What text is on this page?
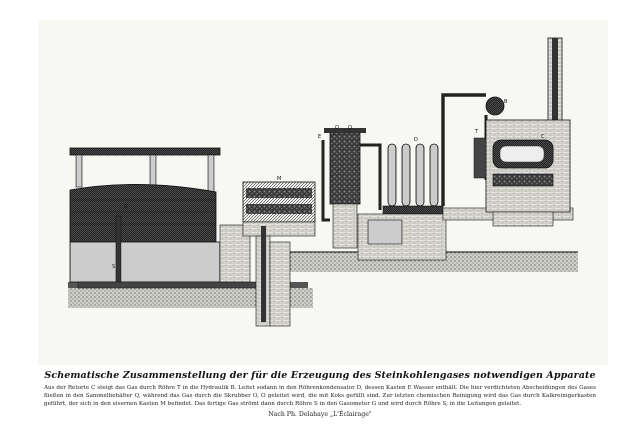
G
S
M
O O
E	D
T
B
C
Schematische Zusammenstellung der für die Erzeugung des Steinkohlengases notwendigen Apparate
Aus der Retorte C steigt das Gas durch Röhre T in die Hydraulik B. Leitet sodann in den Röhrenkondensator D, dessen Kasten E Wasser enthält. Die hier verdichteten Abscheidungen des Gases fließen in den Sammelbehälter Q, während das Gas durch die Skrubber O, O geleitet wird, die mit Koks gefüllt sind. Zur letzten chemischen Reinigung wird das Gas durch Kalkreinigerkasten geführt, der sich in den eisernen Kasten M befindet. Das fertige Gas strömt dann durch Röhre S in den Gasometer G und wird durch Röhre S, in die Leitungen geleitet.
Nach Ph. Delahaye „L'Éclairage"
